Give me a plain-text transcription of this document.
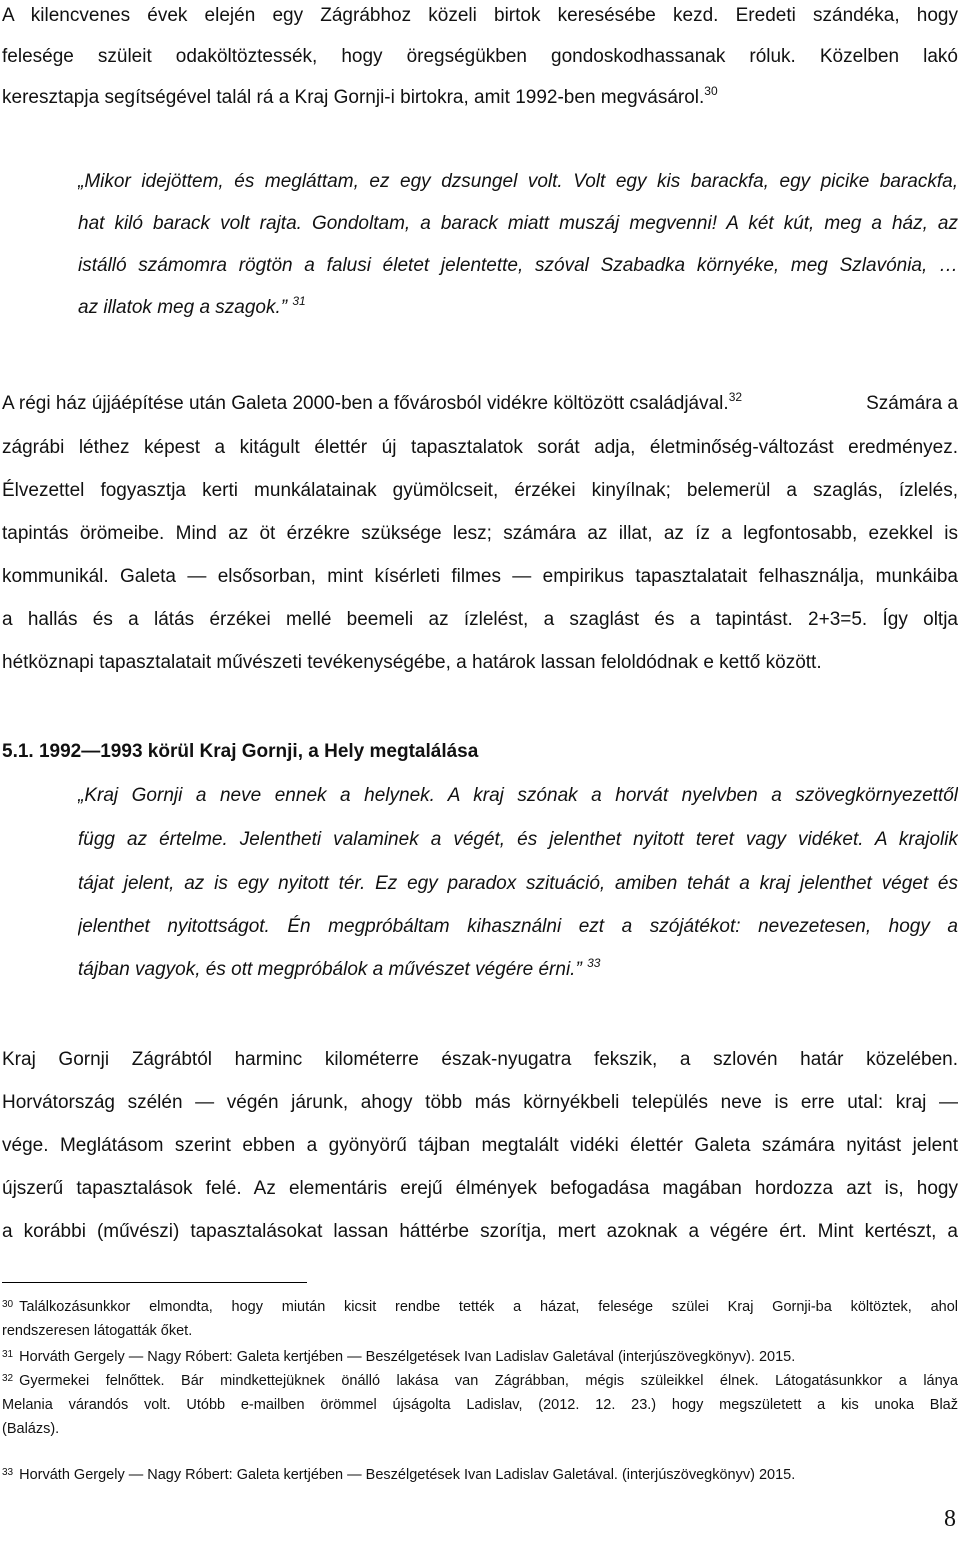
A kilencvenes évek elején egy Zágrábhoz közeli birtok keresésébe kezd. Eredeti szándéka, hogy
felesége szüleit odaköltöztessék, hogy öregségükben gondoskodhassanak róluk. Közelben lakó
keresztapja segítségével talál rá a Kraj Gornji-i birtokra, amit 1992-ben megvásárol.$^{30}$
„Mikor idejöttem, és megláttam, ez egy dzsungel volt. Volt egy kis barackfa, egy picike barackfa,
hat kiló barack volt rajta. Gondoltam, a barack miatt muszáj megvenni! A két kút, meg a ház, az
istálló számomra rögtön a falusi életet jelentette, szóval Szabadka környéke, meg Szlavónia, …
az illatok meg a szagok.” $^{31}$
A régi ház újjáépítése után Galeta 2000-ben a fővárosból vidékre költözött családjával.$^{32}$	Számára a
zágrábi léthez képest a kitágult élettér új tapasztalatok sorát adja, életminőség-változást eredményez.
Élvezettel fogyasztja kerti munkálatainak gyümölcseit, érzékei kinyílnak; belemerül a szaglás, ízlelés,
tapintás örömeibe. Mind az öt érzékre szüksége lesz; számára az illat, az íz a legfontosabb, ezekkel is
kommunikál. Galeta — elsősorban, mint kísérleti filmes — empirikus tapasztalatait felhasználja, munkáiba
a hallás és a látás érzékei mellé beemeli az ízlelést, a szaglást és a tapintást. 2+3=5. Így oltja
hétköznapi tapasztalatait művészeti tevékenységébe, a határok lassan feloldódnak e kettő között.
5.1. 1992—1993 körül Kraj Gornji, a Hely megtalálása
„Kraj Gornji a neve ennek a helynek. A kraj szónak a horvát nyelvben a szövegkörnyezettől
függ az értelme. Jelentheti valaminek a végét, és jelenthet nyitott teret vagy vidéket. A krajolik
tájat jelent, az is egy nyitott tér. Ez egy paradox szituáció, amiben tehát a kraj jelenthet véget és
jelenthet nyitottságot. Én megpróbáltam kihasználni ezt a szójátékot: nevezetesen, hogy a
tájban vagyok, és ott megpróbálok a művészet végére érni.” $^{33}$
Kraj Gornji Zágrábtól harminc kilométerre észak-nyugatra fekszik, a szlovén határ közelében.
Horvátország szélén — végén járunk, ahogy több más környékbeli település neve is erre utal: kraj —
vége. Meglátásom szerint ebben a gyönyörű tájban megtalált vidéki élettér Galeta számára nyitást jelent
újszerű tapasztalások felé. Az elementáris erejű élmények befogadása magában hordozza azt is, hogy
a korábbi (művészi) tapasztalásokat lassan háttérbe szorítja, mert azoknak a végére ért. Mint kertészt, a
$^{30}$ Találkozásunkkor elmondta, hogy miután kicsit rendbe tették a házat, felesége szülei Kraj Gornji-ba költöztek, ahol
rendszeresen látogatták őket.
$^{31}$ Horváth Gergely — Nagy Róbert: Galeta kertjében — Beszélgetések Ivan Ladislav Galetával (interjúszövegkönyv). 2015.
$^{32}$ Gyermekei felnőttek. Bár mindkettejüknek önálló lakása van Zágrábban, mégis szüleikkel élnek. Látogatásunkkor a lánya
Melania várandós volt. Utóbb e-mailben örömmel újságolta Ladislav, (2012. 12. 23.) hogy megszületett a kis unoka Blaž
(Balázs).
$^{33}$ Horváth Gergely — Nagy Róbert: Galeta kertjében — Beszélgetések Ivan Ladislav Galetával. (interjúszövegkönyv) 2015.
8
